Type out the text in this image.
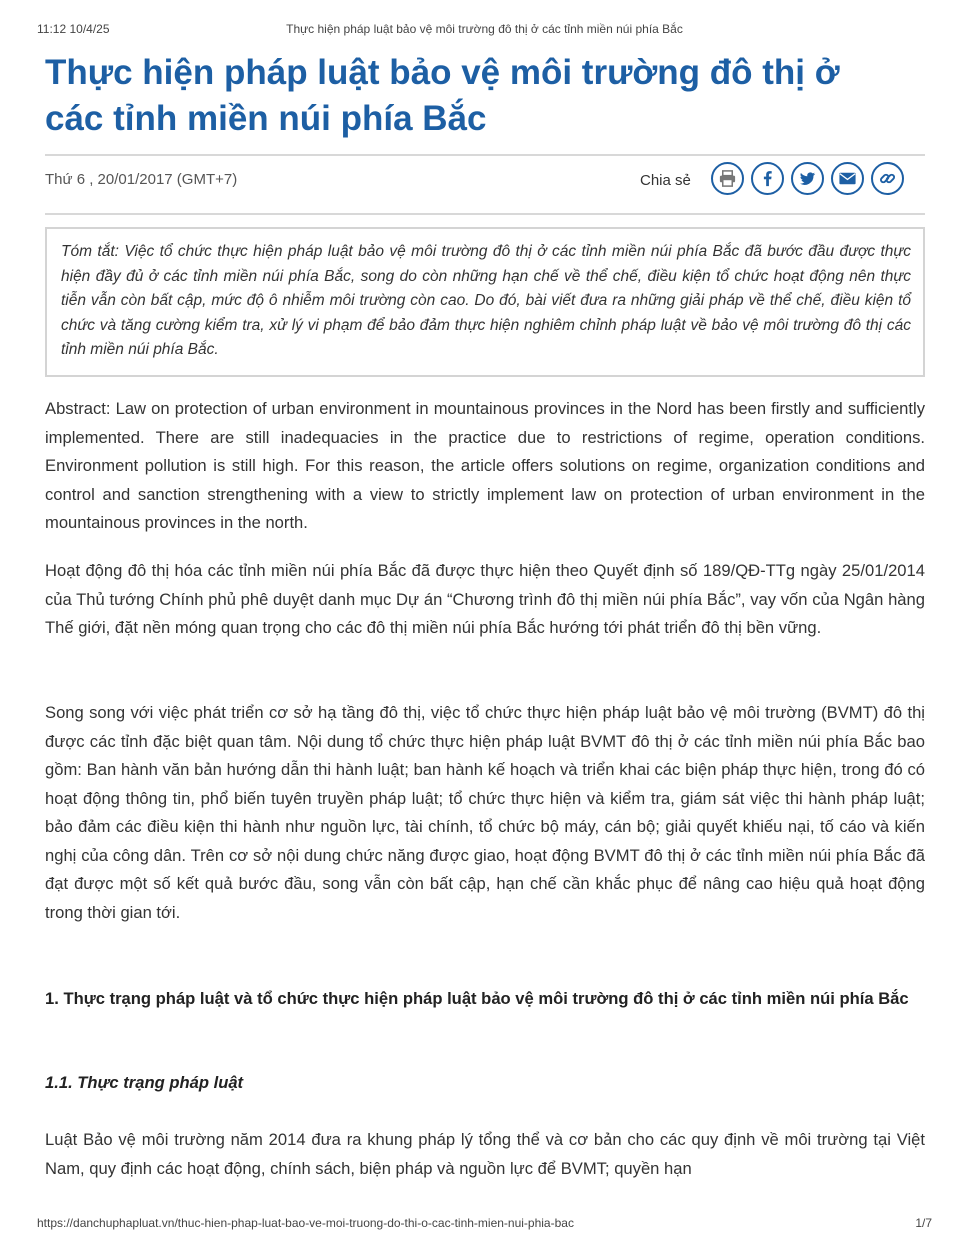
11:12 10/4/25	Thực hiện pháp luật bảo vệ môi trường đô thị ở các tỉnh miền núi phía Bắc
Thực hiện pháp luật bảo vệ môi trường đô thị ở các tỉnh miền núi phía Bắc
Thứ 6 , 20/01/2017 (GMT+7)	Chia sẻ
Tóm tắt: Việc tổ chức thực hiện pháp luật bảo vệ môi trường đô thị ở các tỉnh miền núi phía Bắc đã bước đầu được thực hiện đầy đủ ở các tỉnh miền núi phía Bắc, song do còn những hạn chế về thể chế, điều kiện tổ chức hoạt động nên thực tiễn vẫn còn bất cập, mức độ ô nhiễm môi trường còn cao. Do đó, bài viết đưa ra những giải pháp về thể chế, điều kiện tổ chức và tăng cường kiểm tra, xử lý vi phạm để bảo đảm thực hiện nghiêm chỉnh pháp luật về bảo vệ môi trường đô thị các tỉnh miền núi phía Bắc.

Abstract: Law on protection of urban environment in mountainous provinces in the Nord has been firstly and sufficiently implemented. There are still inadequacies in the practice due to restrictions of regime, operation conditions. Environment pollution is still high. For this reason, the article offers solutions on regime, organization conditions and control and sanction strengthening with a view to strictly implement law on protection of urban environment in the mountainous provinces in the north.

Hoạt động đô thị hóa các tỉnh miền núi phía Bắc đã được thực hiện theo Quyết định số 189/QĐ-TTg ngày 25/01/2014 của Thủ tướng Chính phủ phê duyệt danh mục Dự án “Chương trình đô thị miền núi phía Bắc”, vay vốn của Ngân hàng Thế giới, đặt nền móng quan trọng cho các đô thị miền núi phía Bắc hướng tới phát triển đô thị bền vững.

Song song với việc phát triển cơ sở hạ tầng đô thị, việc tổ chức thực hiện pháp luật bảo vệ môi trường (BVMT) đô thị được các tỉnh đặc biệt quan tâm. Nội dung tổ chức thực hiện pháp luật BVMT đô thị ở các tỉnh miền núi phía Bắc bao gồm: Ban hành văn bản hướng dẫn thi hành luật; ban hành kế hoạch và triển khai các biện pháp thực hiện, trong đó có hoạt động thông tin, phổ biến tuyên truyền pháp luật; tổ chức thực hiện và kiểm tra, giám sát việc thi hành pháp luật; bảo đảm các điều kiện thi hành như nguồn lực, tài chính, tổ chức bộ máy, cán bộ; giải quyết khiếu nại, tố cáo và kiến nghị của công dân. Trên cơ sở nội dung chức năng được giao, hoạt động BVMT đô thị ở các tỉnh miền núi phía Bắc đã đạt được một số kết quả bước đầu, song vẫn còn bất cập, hạn chế cần khắc phục để nâng cao hiệu quả hoạt động trong thời gian tới.

1. Thực trạng pháp luật và tổ chức thực hiện pháp luật bảo vệ môi trường đô thị ở các tỉnh miền núi phía Bắc
1.1. Thực trạng pháp luật

Luật Bảo vệ môi trường năm 2014 đưa ra khung pháp lý tổng thể và cơ bản cho các quy định về môi trường tại Việt Nam, quy định các hoạt động, chính sách, biện pháp và nguồn lực để BVMT; quyền hạn

https://danchuphapluat.vn/thuc-hien-phap-luat-bao-ve-moi-truong-do-thi-o-cac-tinh-mien-nui-phia-bac	1/7
